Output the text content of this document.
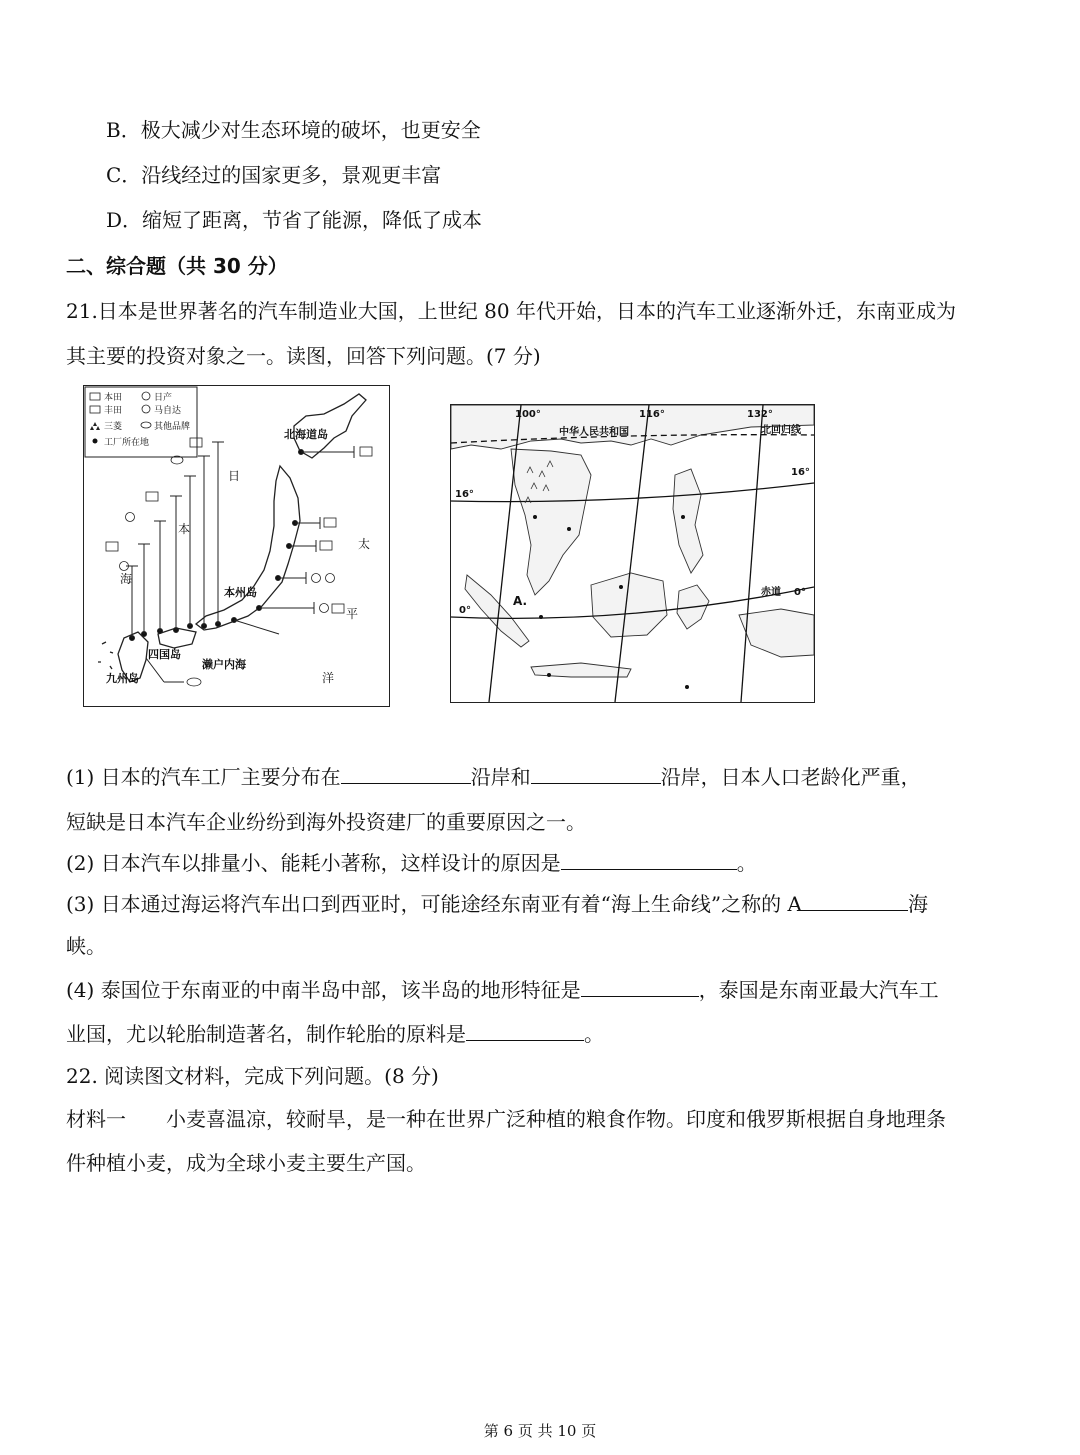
B．极大减少对生态环境的破坏，也更安全
C．沿线经过的国家更多，景观更丰富
D．缩短了距离，节省了能源，降低了成本
二、综合题（共 30 分）
21.日本是世界著名的汽车制造业大国，上世纪 80 年代开始，日本的汽车工业逐渐外迁，东南亚成为
其主要的投资对象之一。读图，回答下列问题。(7 分)
本田	日产
丰田	马自达
三菱	其他品牌
工厂所在地
北海道岛
本州岛
四国岛
九州岛
濑户内海
日
本
海
太
平
洋
100°	116°	132°
中华人民共和国	北回归线
16°
16°
0°
赤道 0°
A.
(1) 日本的汽车工厂主要分布在	沿岸和	沿岸，日本人口老龄化严重，
短缺是日本汽车企业纷纷到海外投资建厂的重要原因之一。
(2) 日本汽车以排量小、能耗小著称，这样设计的原因是	。
(3) 日本通过海运将汽车出口到西亚时，可能途经东南亚有着“海上生命线”之称的 A	海
峡。
(4) 泰国位于东南亚的中南半岛中部，该半岛的地形特征是	，泰国是东南亚最大汽车工
业国，尤以轮胎制造著名，制作轮胎的原料是	。
22. 阅读图文材料，完成下列问题。(8 分)
材料一　　小麦喜温凉，较耐旱，是一种在世界广泛种植的粮食作物。印度和俄罗斯根据自身地理条
件种植小麦，成为全球小麦主要生产国。
第 6 页 共 10 页
